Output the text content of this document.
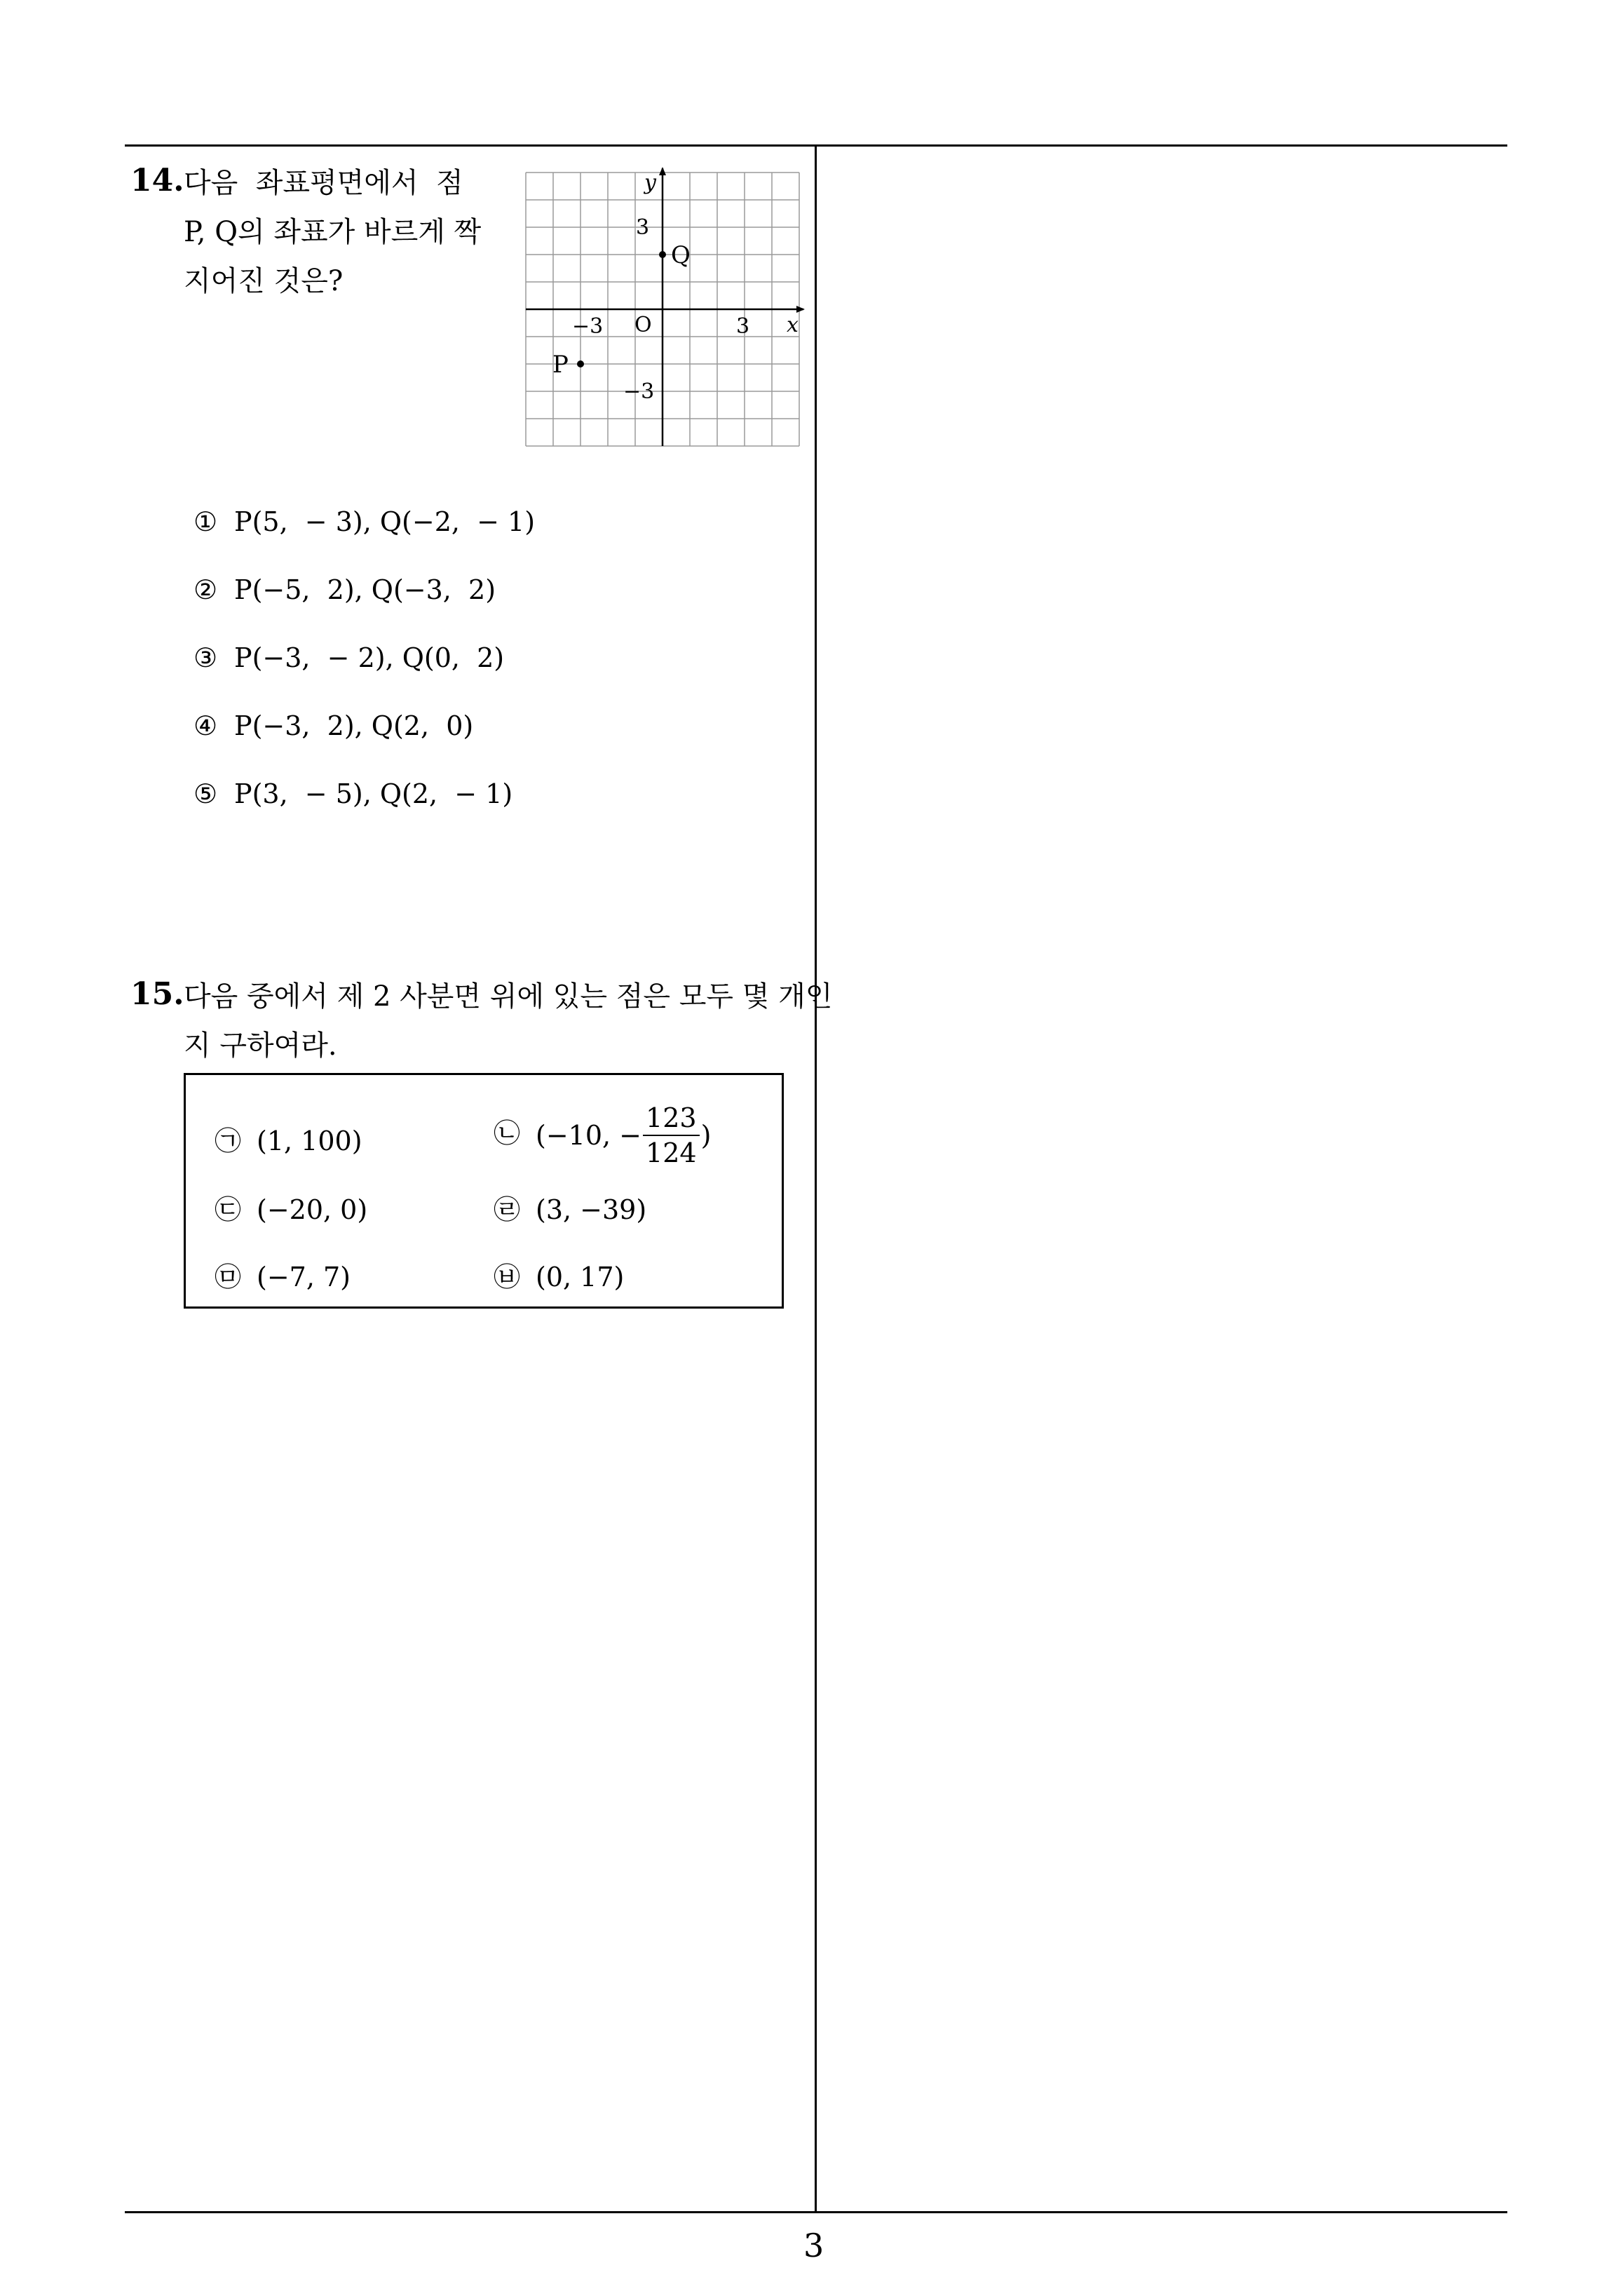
14. 다음  좌표평면에서  점
P, Q의 좌표가 바르게 짝
지어진 것은?
x
y
O
−3	3
3
−3
P
Q
① P(5,  − 3), Q(−2,  − 1)
② P(−5,  2), Q(−3,  2)
③ P(−3,  − 2), Q(0,  2)
④ P(−3,  2), Q(2,  0)
⑤ P(3,  − 5), Q(2,  − 1)
15. 다음 중에서 제 2 사분면 위에 있는 점은 모두 몇 개인
지 구하여라.
㉠ (1, 100)	㉡ (−10, − $\frac{123}{124}$ )
㉢ (−20, 0)	㉣ (3, −39)
㉤ (−7, 7)	㉥ (0, 17)
3
